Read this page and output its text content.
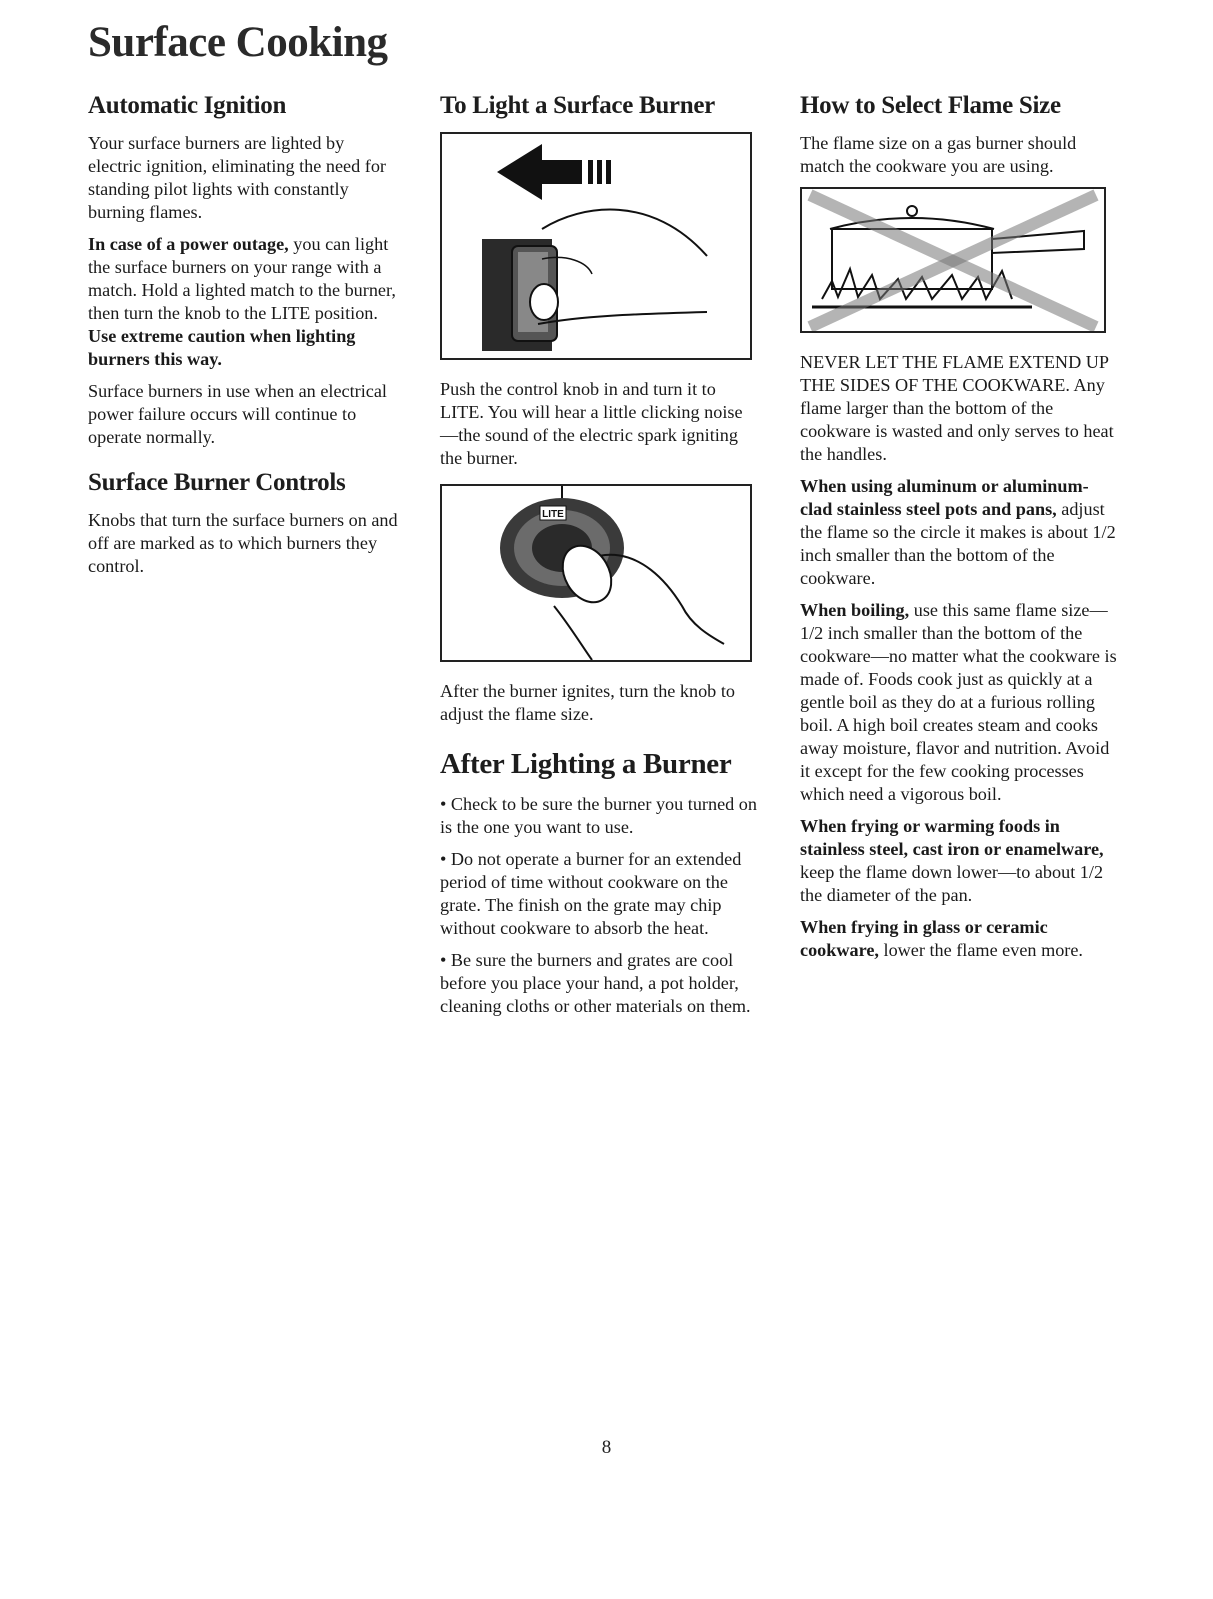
Surface Cooking
Automatic Ignition

Your surface burners are lighted by electric ignition, eliminating the need for standing pilot lights with constantly burning flames.

In case of a power outage, you can light the surface burners on your range with a match. Hold a lighted match to the burner, then turn the knob to the LITE position. Use extreme caution when lighting burners this way.

Surface burners in use when an electrical power failure occurs will continue to operate normally.

Surface Burner Controls

Knobs that turn the surface burners on and off are marked as to which burners they control.

To Light a Surface Burner

Push the control knob in and turn it to LITE. You will hear a little clicking noise—the sound of the electric spark igniting the burner.

LITE

After the burner ignites, turn the knob to adjust the flame size.

After Lighting a Burner

• Check to be sure the burner you turned on is the one you want to use.

• Do not operate a burner for an extended period of time without cookware on the grate. The finish on the grate may chip without cookware to absorb the heat.

• Be sure the burners and grates are cool before you place your hand, a pot holder, cleaning cloths or other materials on them.

How to Select Flame Size

The flame size on a gas burner should match the cookware you are using.

NEVER LET THE FLAME EXTEND UP THE SIDES OF THE COOKWARE. Any flame larger than the bottom of the cookware is wasted and only serves to heat the handles.

When using aluminum or aluminum-clad stainless steel pots and pans, adjust the flame so the circle it makes is about 1/2 inch smaller than the bottom of the cookware.

When boiling, use this same flame size—1/2 inch smaller than the bottom of the cookware—no matter what the cookware is made of. Foods cook just as quickly at a gentle boil as they do at a furious rolling boil. A high boil creates steam and cooks away moisture, flavor and nutrition. Avoid it except for the few cooking processes which need a vigorous boil.

When frying or warming foods in stainless steel, cast iron or enamelware, keep the flame down lower—to about 1/2 the diameter of the pan.

When frying in glass or ceramic cookware, lower the flame even more.

8
